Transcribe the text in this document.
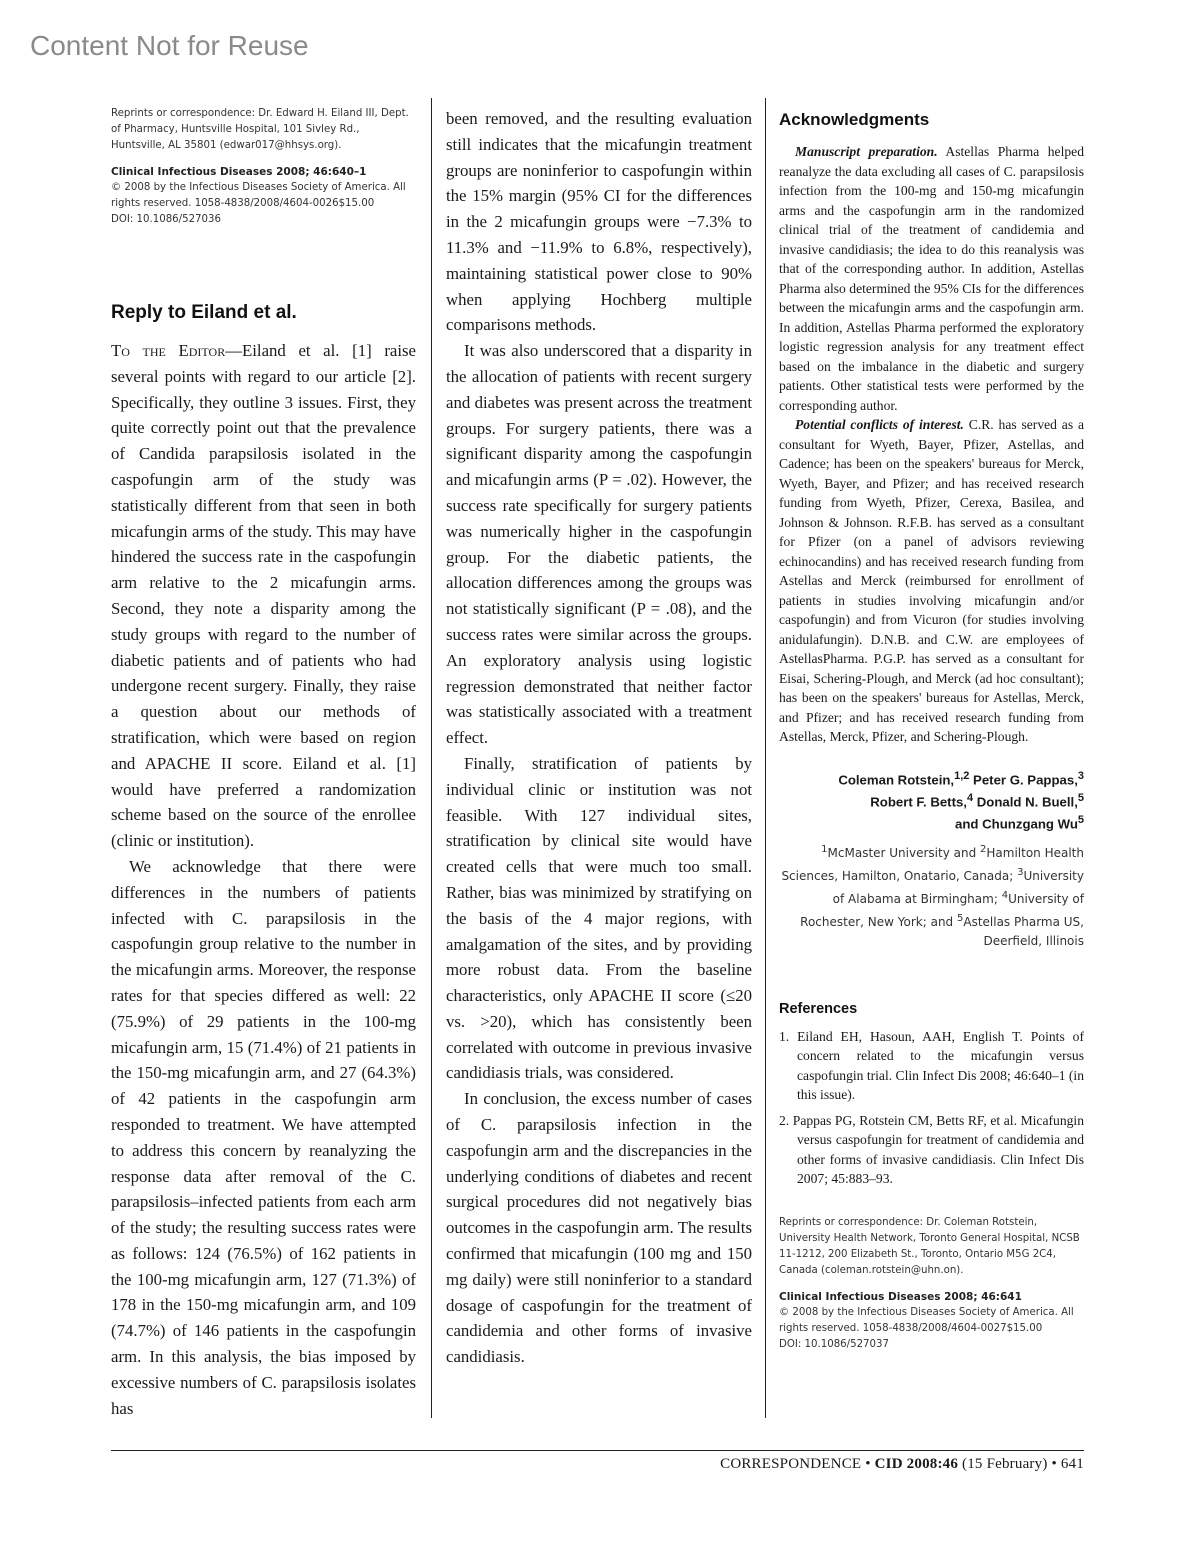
Content Not for Reuse

Reprints or correspondence: Dr. Edward H. Eiland III, Dept. of Pharmacy, Huntsville Hospital, 101 Sivley Rd., Huntsville, AL 35801 (edwar017@hhsys.org).

Clinical Infectious Diseases 2008; 46:640–1

© 2008 by the Infectious Diseases Society of America. All rights reserved. 1058-4838/2008/4604-0026$15.00

DOI: 10.1086/527036

Reply to Eiland et al.

To the Editor—Eiland et al. [1] raise several points with regard to our article [2]. Specifically, they outline 3 issues. First, they quite correctly point out that the prevalence of Candida parapsilosis isolated in the caspofungin arm of the study was statistically different from that seen in both micafungin arms of the study. This may have hindered the success rate in the caspofungin arm relative to the 2 micafungin arms. Second, they note a disparity among the study groups with regard to the number of diabetic patients and of patients who had undergone recent surgery. Finally, they raise a question about our methods of stratification, which were based on region and APACHE II score. Eiland et al. [1] would have preferred a randomization scheme based on the source of the enrollee (clinic or institution).

We acknowledge that there were differences in the numbers of patients infected with C. parapsilosis in the caspofungin group relative to the number in the micafungin arms. Moreover, the response rates for that species differed as well: 22 (75.9%) of 29 patients in the 100-mg micafungin arm, 15 (71.4%) of 21 patients in the 150-mg micafungin arm, and 27 (64.3%) of 42 patients in the caspofungin arm responded to treatment. We have attempted to address this concern by reanalyzing the response data after removal of the C. parapsilosis–infected patients from each arm of the study; the resulting success rates were as follows: 124 (76.5%) of 162 patients in the 100-mg micafungin arm, 127 (71.3%) of 178 in the 150-mg micafungin arm, and 109 (74.7%) of 146 patients in the caspofungin arm. In this analysis, the bias imposed by excessive numbers of C. parapsilosis isolates has

been removed, and the resulting evaluation still indicates that the micafungin treatment groups are noninferior to caspofungin within the 15% margin (95% CI for the differences in the 2 micafungin groups were −7.3% to 11.3% and −11.9% to 6.8%, respectively), maintaining statistical power close to 90% when applying Hochberg multiple comparisons methods.

It was also underscored that a disparity in the allocation of patients with recent surgery and diabetes was present across the treatment groups. For surgery patients, there was a significant disparity among the caspofungin and micafungin arms (P = .02). However, the success rate specifically for surgery patients was numerically higher in the caspofungin group. For the diabetic patients, the allocation differences among the groups was not statistically significant (P = .08), and the success rates were similar across the groups. An exploratory analysis using logistic regression demonstrated that neither factor was statistically associated with a treatment effect.

Finally, stratification of patients by individual clinic or institution was not feasible. With 127 individual sites, stratification by clinical site would have created cells that were much too small. Rather, bias was minimized by stratifying on the basis of the 4 major regions, with amalgamation of the sites, and by providing more robust data. From the baseline characteristics, only APACHE II score (≤20 vs. >20), which has consistently been correlated with outcome in previous invasive candidiasis trials, was considered.

In conclusion, the excess number of cases of C. parapsilosis infection in the caspofungin arm and the discrepancies in the underlying conditions of diabetes and recent surgical procedures did not negatively bias outcomes in the caspofungin arm. The results confirmed that micafungin (100 mg and 150 mg daily) were still noninferior to a standard dosage of caspofungin for the treatment of candidemia and other forms of invasive candidiasis.

Acknowledgments

Manuscript preparation. Astellas Pharma helped reanalyze the data excluding all cases of C. parapsilosis infection from the 100-mg and 150-mg micafungin arms and the caspofungin arm in the randomized clinical trial of the treatment of candidemia and invasive candidiasis; the idea to do this reanalysis was that of the corresponding author. In addition, Astellas Pharma also determined the 95% CIs for the differences between the micafungin arms and the caspofungin arm. In addition, Astellas Pharma performed the exploratory logistic regression analysis for any treatment effect based on the imbalance in the diabetic and surgery patients. Other statistical tests were performed by the corresponding author.

Potential conflicts of interest. C.R. has served as a consultant for Wyeth, Bayer, Pfizer, Astellas, and Cadence; has been on the speakers' bureaus for Merck, Wyeth, Bayer, and Pfizer; and has received research funding from Wyeth, Pfizer, Cerexa, Basilea, and Johnson & Johnson. R.F.B. has served as a consultant for Pfizer (on a panel of advisors reviewing echinocandins) and has received research funding from Astellas and Merck (reimbursed for enrollment of patients in studies involving micafungin and/or caspofungin) and from Vicuron (for studies involving anidulafungin). D.N.B. and C.W. are employees of AstellasPharma. P.G.P. has served as a consultant for Eisai, Schering-Plough, and Merck (ad hoc consultant); has been on the speakers' bureaus for Astellas, Merck, and Pfizer; and has received research funding from Astellas, Merck, Pfizer, and Schering-Plough.

Coleman Rotstein,$^{1,2}$ Peter G. Pappas,$^3$
Robert F. Betts,$^4$ Donald N. Buell,$^5$
and Chunzgang Wu$^5$

$^1$McMaster University and $^2$Hamilton Health Sciences, Hamilton, Onatario, Canada; $^3$University of Alabama at Birmingham; $^4$University of Rochester, New York; and $^5$Astellas Pharma US, Deerfield, Illinois

References
1. Eiland EH, Hasoun, AAH, English T. Points of concern related to the micafungin versus caspofungin trial. Clin Infect Dis 2008; 46:640–1 (in this issue).
2. Pappas PG, Rotstein CM, Betts RF, et al. Micafungin versus caspofungin for treatment of candidemia and other forms of invasive candidiasis. Clin Infect Dis 2007; 45:883–93.

Reprints or correspondence: Dr. Coleman Rotstein, University Health Network, Toronto General Hospital, NCSB 11-1212, 200 Elizabeth St., Toronto, Ontario M5G 2C4, Canada (coleman.rotstein@uhn.on).

Clinical Infectious Diseases 2008; 46:641

© 2008 by the Infectious Diseases Society of America. All rights reserved. 1058-4838/2008/4604-0027$15.00

DOI: 10.1086/527037

CORRESPONDENCE • CID 2008:46 (15 February) • 641
